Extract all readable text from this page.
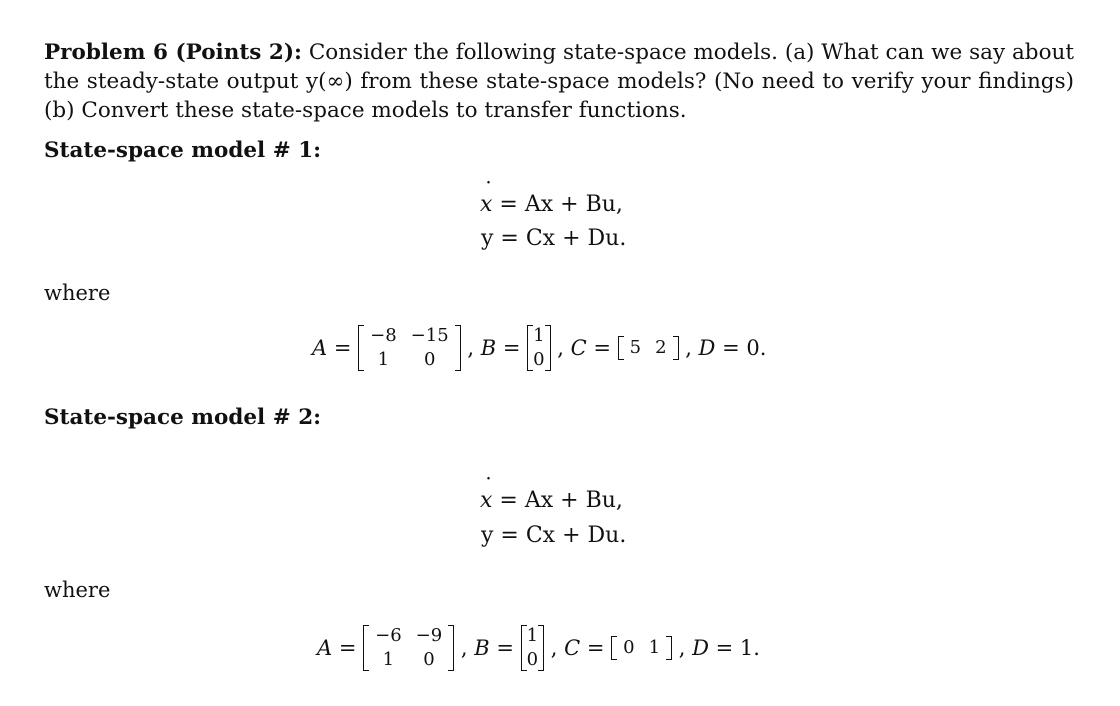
Problem 6 (Points 2): Consider the following state-space models. (a) What can we say about the steady-state output y(∞) from these state-space models? (No need to verify your findings) (b) Convert these state-space models to transfer functions.
State-space model # 1:
˙ x = Ax + Bu,
y = Cx + Du.
where
A =
−8	−15
1	0 , B =
1
0 , C = 5	2 , D = 0 .
State-space model # 2:
˙ x = Ax + Bu,
y = Cx + Du.
where
A =
−6	−9
1	0 , B =
1
0 , C = 0	1 , D = 1 .
